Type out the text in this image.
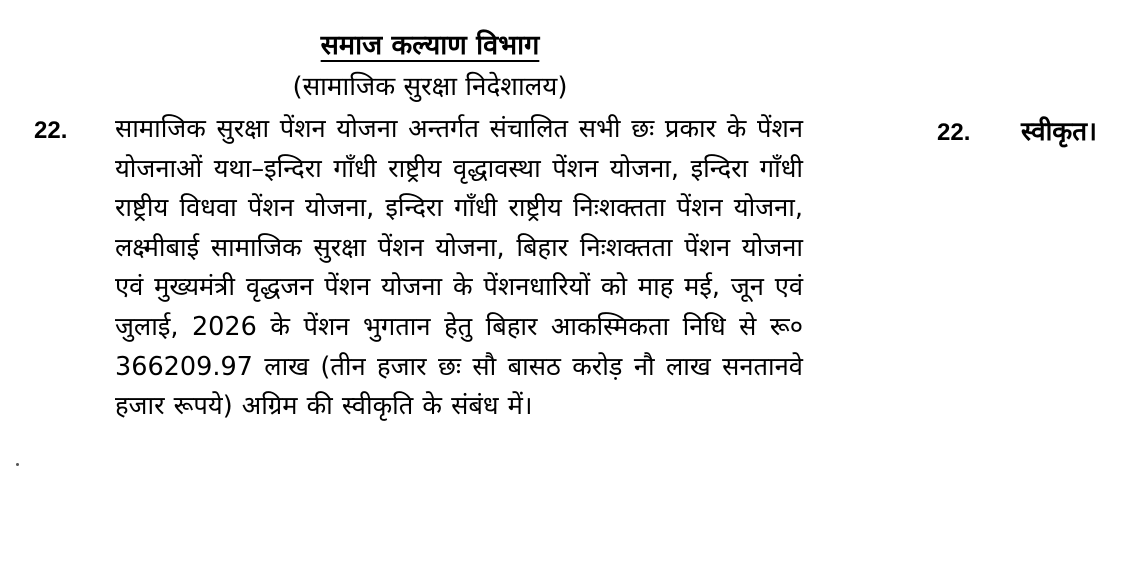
समाज कल्याण विभाग
(सामाजिक सुरक्षा निदेशालय)
22. सामाजिक सुरक्षा पेंशन योजना अन्तर्गत संचालित सभी छः प्रकार के पेंशन योजनाओं यथा–इन्दिरा गाँधी राष्ट्रीय वृद्धावस्था पेंशन योजना, इन्दिरा गाँधी राष्ट्रीय विधवा पेंशन योजना, इन्दिरा गाँधी राष्ट्रीय निःशक्तता पेंशन योजना, लक्ष्मीबाई सामाजिक सुरक्षा पेंशन योजना, बिहार निःशक्तता पेंशन योजना एवं मुख्यमंत्री वृद्धजन पेंशन योजना के पेंशनधारियों को माह मई, जून एवं जुलाई, 2026 के पेंशन भुगतान हेतु बिहार आकस्मिकता निधि से रू० 366209.97 लाख (तीन हजार छः सौ बासठ करोड़ नौ लाख सनतानवे हजार रूपये) अग्रिम की स्वीकृति के संबंध में।
22.	स्वीकृत।
